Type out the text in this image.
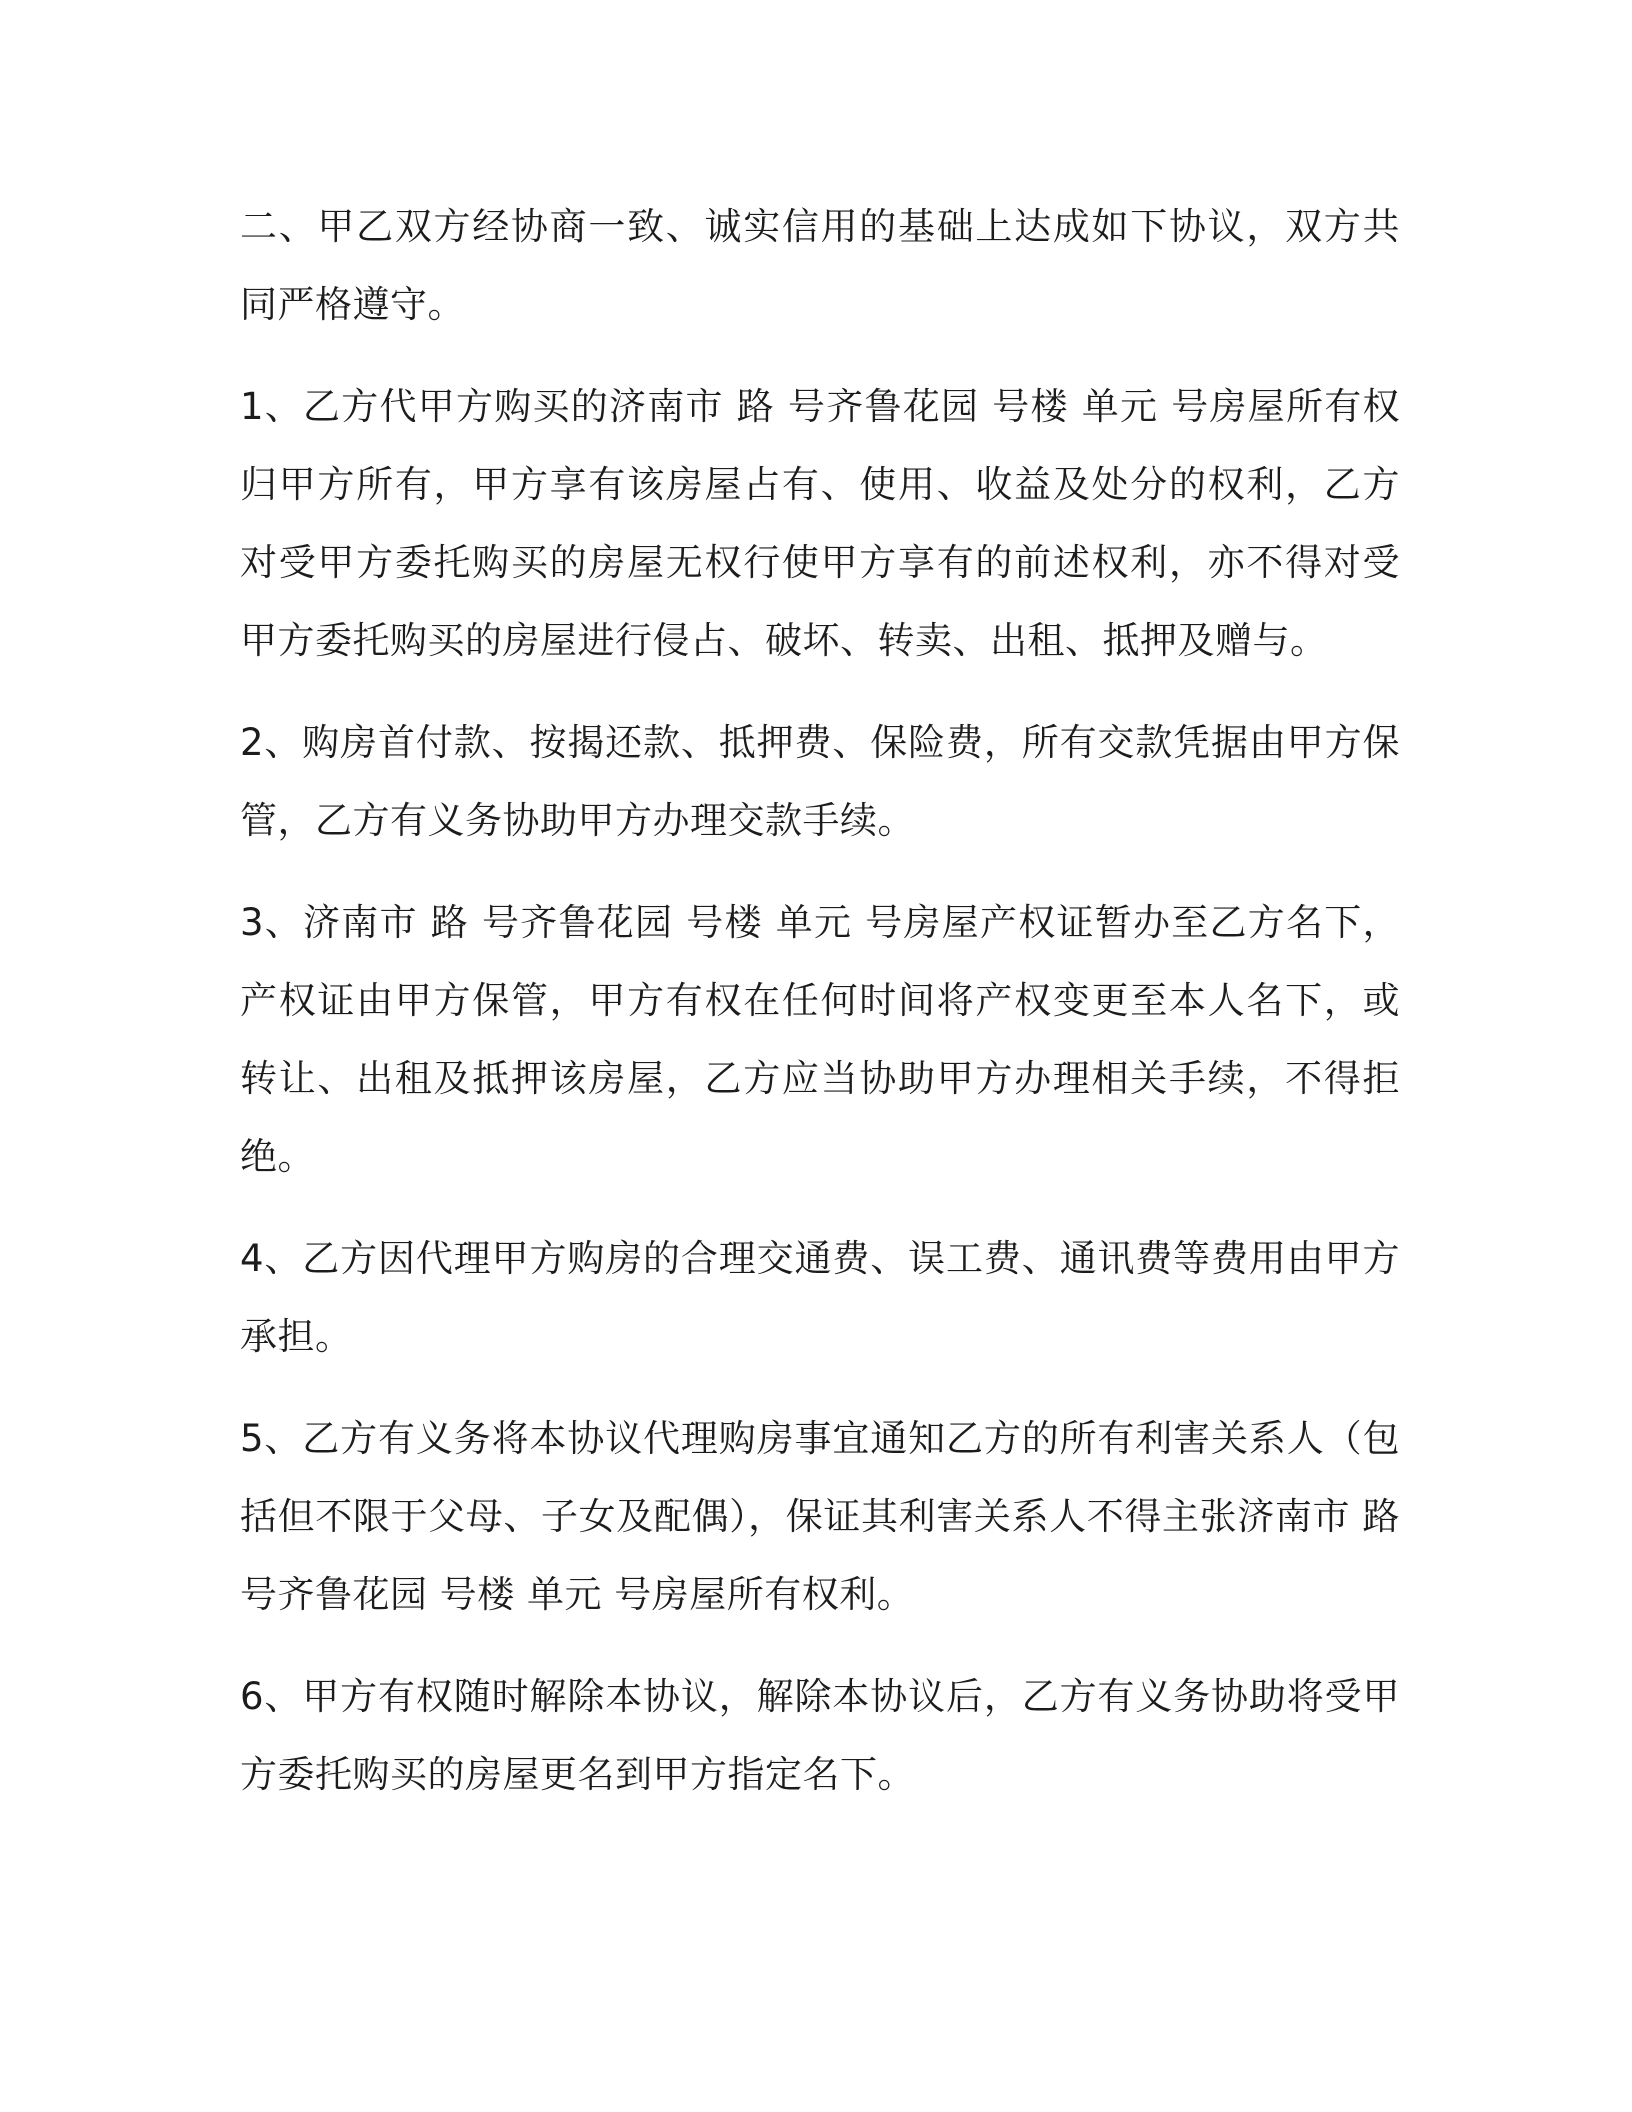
二、甲乙双方经协商一致、诚实信用的基础上达成如下协议，双方共同严格遵守。

1、乙方代甲方购买的济南市 路 号齐鲁花园 号楼 单元 号房屋所有权归甲方所有，甲方享有该房屋占有、使用、收益及处分的权利，乙方对受甲方委托购买的房屋无权行使甲方享有的前述权利，亦不得对受甲方委托购买的房屋进行侵占、破坏、转卖、出租、抵押及赠与。

2、购房首付款、按揭还款、抵押费、保险费，所有交款凭据由甲方保管，乙方有义务协助甲方办理交款手续。

3、济南市 路 号齐鲁花园 号楼 单元 号房屋产权证暂办至乙方名下，产权证由甲方保管，甲方有权在任何时间将产权变更至本人名下，或转让、出租及抵押该房屋，乙方应当协助甲方办理相关手续，不得拒绝。

4、乙方因代理甲方购房的合理交通费、误工费、通讯费等费用由甲方承担。

5、乙方有义务将本协议代理购房事宜通知乙方的所有利害关系人（包括但不限于父母、子女及配偶），保证其利害关系人不得主张济南市 路 号齐鲁花园 号楼 单元 号房屋所有权利。

6、甲方有权随时解除本协议，解除本协议后，乙方有义务协助将受甲方委托购买的房屋更名到甲方指定名下。
